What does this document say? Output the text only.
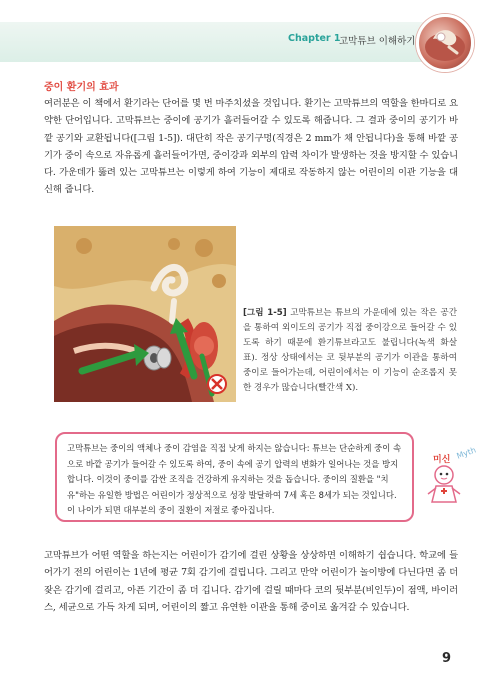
Chapter 1
고막튜브 이해하기
중이 환기의 효과

여러분은 이 책에서 환기라는 단어를 몇 번 마주치셨을 것입니다. 환기는 고막튜브의 역할을 한마디로 요약한 단어입니다. 고막튜브는 중이에 공기가 흘러들어갈 수 있도록 해줍니다. 그 결과 중이의 공기가 바깥 공기와 교환됩니다([그림 1-5]). 대단히 작은 공기구멍(직경은 2 mm가 채 안됩니다)을 통해 바깥 공기가 중이 속으로 자유롭게 흘러들어가면, 중이강과 외부의 압력 차이가 발생하는 것을 방지할 수 있습니다. 가운데가 뚫려 있는 고막튜브는 이렇게 하여 기능이 제대로 작동하지 않는 어린이의 이관 기능을 대신해 줍니다.

[그림 1-5] 고막튜브는 튜브의 가운데에 있는 작은 공간을 통하여 외이도의 공기가 직접 중이강으로 들어갈 수 있도록 하기 때문에 환기튜브라고도 불립니다(녹색 화살표). 정상 상태에서는 코 뒷부분의 공기가 이관을 통하여 중이로 들어가는데, 어린이에서는 이 기능이 순조롭지 못한 경우가 많습니다(빨간색 X).
고막튜브는 중이의 액체나 중이 감염을 직접 낫게 하지는 않습니다: 튜브는 단순하게 중이 속으로 바깥 공기가 들어갈 수 있도록 하여, 중이 속에 공기 압력의 변화가 일어나는 것을 방지합니다. 이것이 중이를 감싼 조직을 건강하게 유지하는 것을 돕습니다. 중이의 질환을 "치유"하는 유일한 방법은 어린이가 정상적으로 성장 발달하여 7세 혹은 8세가 되는 것입니다. 이 나이가 되면 대부분의 중이 질환이 저절로 좋아집니다.
미신 Myth

고막튜브가 어떤 역할을 하는지는 어린이가 감기에 걸린 상황을 상상하면 이해하기 쉽습니다. 학교에 들어가기 전의 어린이는 1년에 평균 7회 감기에 걸립니다. 그리고 만약 어린이가 놀이방에 다닌다면 좀 더 잦은 감기에 걸리고, 아픈 기간이 좀 더 깁니다. 감기에 걸릴 때마다 코의 뒷부분(비인두)이 점액, 바이러스, 세균으로 가득 차게 되며, 어린이의 짧고 유연한 이관을 통해 중이로 옮겨갈 수 있습니다.

9
